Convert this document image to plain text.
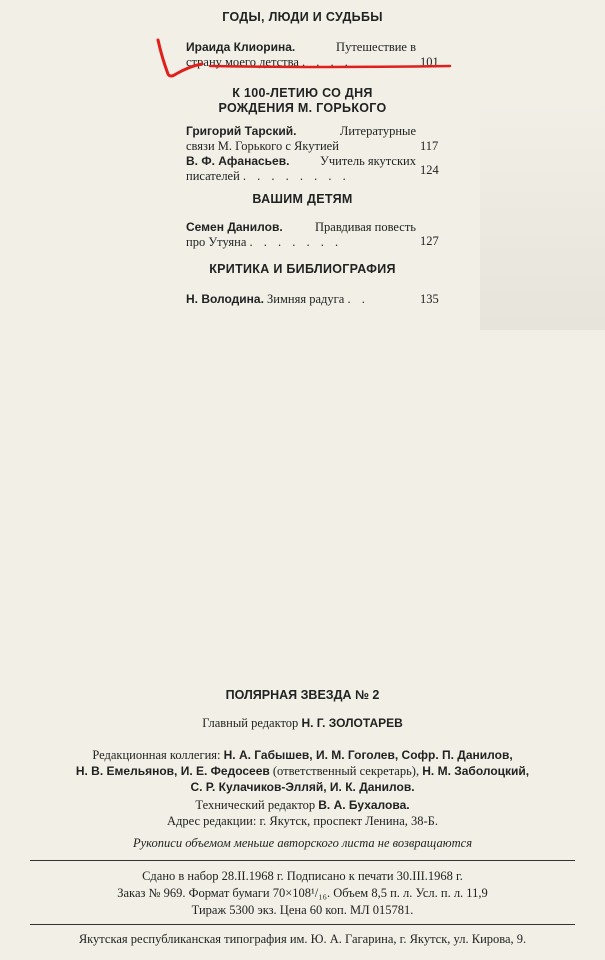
ГОДЫ, ЛЮДИ И СУДЬБЫ
Ираида Клиорина.	Путешествие в
страну моего детства . . . .	101
К 100-ЛЕТИЮ СО ДНЯ
РОЖДЕНИЯ М. ГОРЬКОГО
Григорий Тарский.	Литературные
связи М. Горького с Якутией	117
В. Ф. Афанасьев. Учитель якутских
писателей . . . . . . . .	124
ВАШИМ ДЕТЯМ
Семен Данилов.	Правдивая повесть
про Утуяна . . . . . . .	127
КРИТИКА И БИБЛИОГРАФИЯ
Н. Володина. Зимняя радуга . .	135
ПОЛЯРНАЯ ЗВЕЗДА № 2
Главный редактор Н. Г. ЗОЛОТАРЕВ
Редакционная коллегия: Н. А. Габышев, И. М. Гоголев, Софр. П. Данилов,
Н. В. Емельянов, И. Е. Федосеев (ответственный секретарь), Н. М. Заболоцкий,
С. Р. Кулачиков-Элляй, И. К. Данилов.
Технический редактор В. А. Бухалова.
Адрес редакции: г. Якутск, проспект Ленина, 38-Б.
Рукописи объемом меньше авторского листа не возвращаются
Сдано в набор 28.II.1968 г. Подписано к печати 30.III.1968 г.
Заказ № 969. Формат бумаги 70×108¹/₁₆. Объем 8,5 п. л. Усл. п. л. 11,9
Тираж 5300 экз. Цена 60 коп. МЛ 015781.
Якутская республиканская типография им. Ю. А. Гагарина, г. Якутск, ул. Кирова, 9.
